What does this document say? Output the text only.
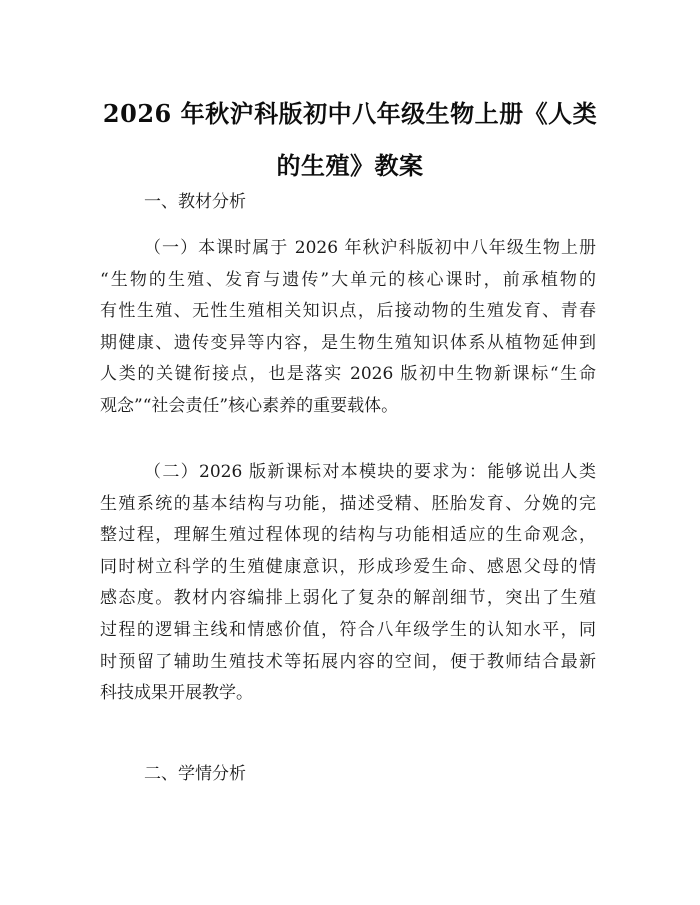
2026 年秋沪科版初中八年级生物上册《人类
的生殖》教案
一、教材分析
（一）本课时属于 2026 年秋沪科版初中八年级生物上册
“生物的生殖、发育与遗传”大单元的核心课时，前承植物的
有性生殖、无性生殖相关知识点，后接动物的生殖发育、青春
期健康、遗传变异等内容，是生物生殖知识体系从植物延伸到
人类的关键衔接点，也是落实 2026 版初中生物新课标“生命
观念”“社会责任”核心素养的重要载体。
（二）2026 版新课标对本模块的要求为：能够说出人类
生殖系统的基本结构与功能，描述受精、胚胎发育、分娩的完
整过程，理解生殖过程体现的结构与功能相适应的生命观念，
同时树立科学的生殖健康意识，形成珍爱生命、感恩父母的情
感态度。教材内容编排上弱化了复杂的解剖细节，突出了生殖
过程的逻辑主线和情感价值，符合八年级学生的认知水平，同
时预留了辅助生殖技术等拓展内容的空间，便于教师结合最新
科技成果开展教学。
二、学情分析
